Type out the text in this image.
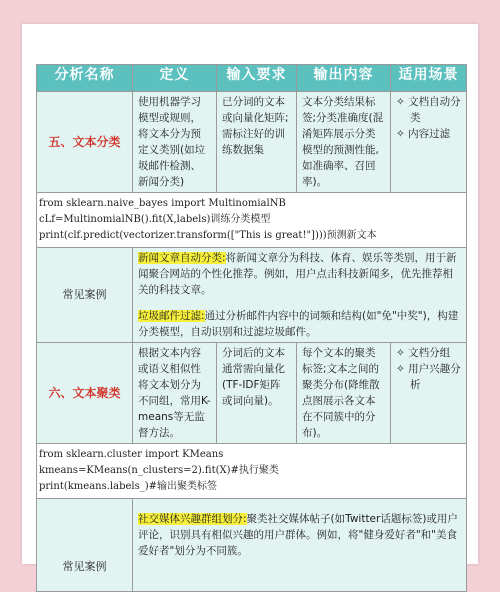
分析名称	定义	输入要求	输出内容	适用场景
五、文本分类	使用机器学习模型或规则，将文本分为预定义类别(如垃圾邮件检测、新闻分类)	已分词的文本或向量化矩阵;需标注好的训练数据集	文本分类结果标签;分类准确度(混淆矩阵展示分类模型的预测性能,如准确率、召回率)。	✧ 文档自动分类
✧ 内容过滤

from sklearn.naive_bayes import MultinomialNB
cLf=MultinomialNB().fit(X,labels)训练分类模型
print(clf.predict(vectorizer.transform(["This is great!"])))预测新文本				

常见案例	新闻文章自动分类:将新闻文章分为科技、体育、娱乐等类别，用于新闻聚合网站的个性化推荐。例如，用户点击科技新闻多，优先推荐相关的科技文章。
垃圾邮件过滤:通过分析邮件内容中的词频和结构(如"免"中奖")，构建分类模型，自动识别和过滤垃圾邮件。			

六、文本聚类	根据文本内容或语义相似性将文本划分为不同组，常用K-means等无监督方法。	分词后的文本通常需向量化(TF-IDF矩阵或词向量)。	每个文本的聚类标签;文本之间的聚类分布(降维散点图展示各文本在不同簇中的分布)。	✧ 文档分组
✧ 用户兴趣分析

from sklearn.cluster import KMeans
kmeans=KMeans(n_clusters=2).fit(X)#执行聚类
print(kmeans.labels_)#输出聚类标签				

常见案例	社交媒体兴趣群组划分:聚类社交媒体帖子(如Twitter话题标签)或用户评论，识别具有相似兴趣的用户群体。例如，将"健身爱好者"和"美食爱好者"划分为不同簇。			
